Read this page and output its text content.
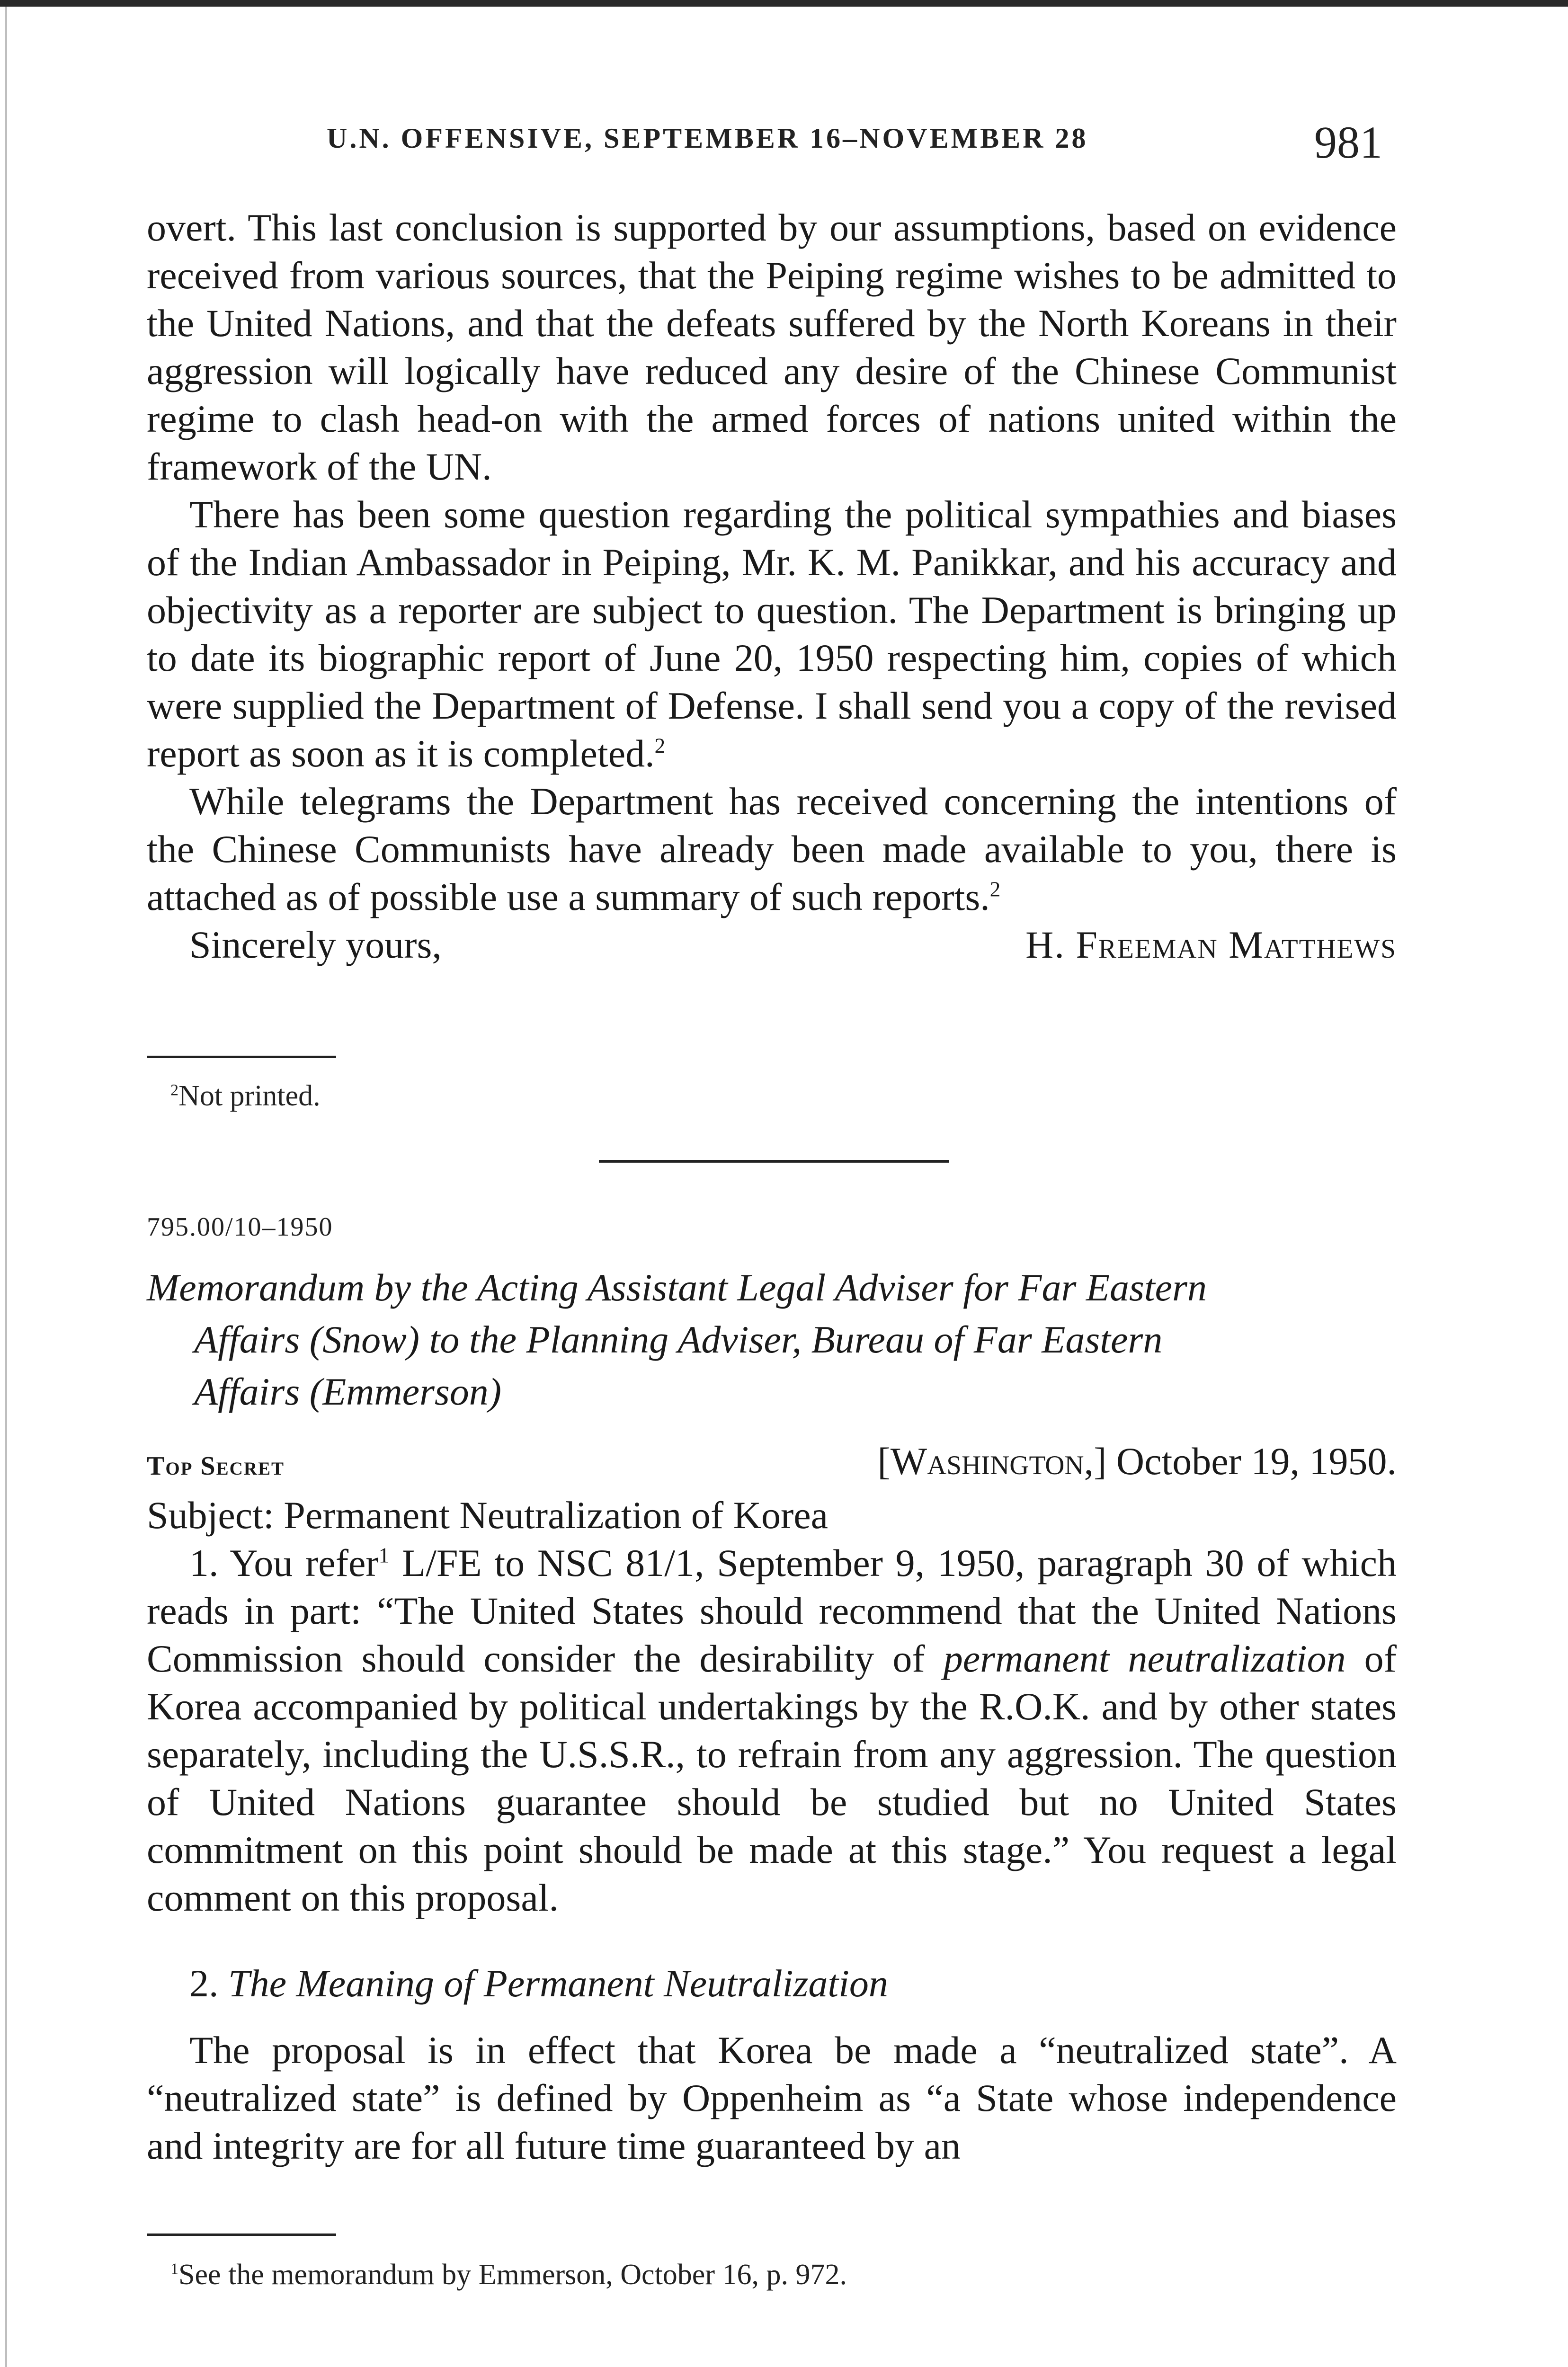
U.N. OFFENSIVE, SEPTEMBER 16–NOVEMBER 28	981

overt. This last conclusion is supported by our assumptions, based on evidence received from various sources, that the Peiping regime wishes to be admitted to the United Nations, and that the defeats suffered by the North Koreans in their aggression will logically have reduced any desire of the Chinese Communist regime to clash head-on with the armed forces of nations united within the framework of the UN.

There has been some question regarding the political sympathies and biases of the Indian Ambassador in Peiping, Mr. K. M. Panikkar, and his accuracy and objectivity as a reporter are subject to question. The Department is bringing up to date its biographic report of June 20, 1950 respecting him, copies of which were supplied the Department of Defense. I shall send you a copy of the revised report as soon as it is completed.$^2$

While telegrams the Department has received concerning the intentions of the Chinese Communists have already been made available to you, there is attached as of possible use a summary of such reports.$^2$

Sincerely yours,	H. Freeman Matthews
$^2$Not printed.
795.00/10–1950
Memorandum by the Acting Assistant Legal Adviser for Far Eastern
Affairs (Snow) to the Planning Adviser, Bureau of Far Eastern
Affairs (Emmerson)
Top Secret	[Washington,] October 19, 1950.

Subject: Permanent Neutralization of Korea

1. You refer$^1$ L/FE to NSC 81/1, September 9, 1950, paragraph 30 of which reads in part: “The United States should recommend that the United Nations Commission should consider the desirability of permanent neutralization of Korea accompanied by political undertakings by the R.O.K. and by other states separately, including the U.S.S.R., to refrain from any aggression. The question of United Nations guarantee should be studied but no United States commitment on this point should be made at this stage.” You request a legal comment on this proposal.

2. The Meaning of Permanent Neutralization

The proposal is in effect that Korea be made a “neutralized state”. A “neutralized state” is defined by Oppenheim as “a State whose independence and integrity are for all future time guaranteed by an

$^1$See the memorandum by Emmerson, October 16, p. 972.
